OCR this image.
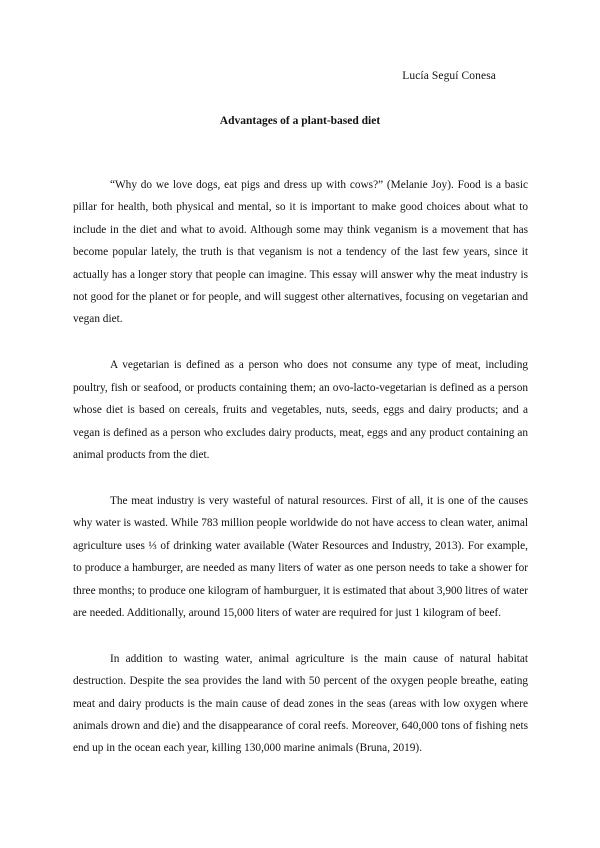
Lucía Seguí Conesa
Advantages of a plant-based diet

“Why do we love dogs, eat pigs and dress up with cows?” (Melanie Joy). Food is a basic pillar for health, both physical and mental, so it is important to make good choices about what to include in the diet and what to avoid. Although some may think veganism is a movement that has become popular lately, the truth is that veganism is not a tendency of the last few years, since it actually has a longer story that people can imagine. This essay will answer why the meat industry is not good for the planet or for people, and will suggest other alternatives, focusing on vegetarian and vegan diet.

A vegetarian is defined as a person who does not consume any type of meat, including poultry, fish or seafood, or products containing them; an ovo-lacto-vegetarian is defined as a person whose diet is based on cereals, fruits and vegetables, nuts, seeds, eggs and dairy products; and a vegan is defined as a person who excludes dairy products, meat, eggs and any product containing an animal products from the diet.

The meat industry is very wasteful of natural resources. First of all, it is one of the causes why water is wasted. While 783 million people worldwide do not have access to clean water, animal agriculture uses ⅓ of drinking water available (Water Resources and Industry, 2013). For example, to produce a hamburger, are needed as many liters of water as one person needs to take a shower for three months; to produce one kilogram of hamburguer, it is estimated that about 3,900 litres of water are needed. Additionally, around 15,000 liters of water are required for just 1 kilogram of beef.

In addition to wasting water, animal agriculture is the main cause of natural habitat destruction. Despite the sea provides the land with 50 percent of the oxygen people breathe, eating meat and dairy products is the main cause of dead zones in the seas (areas with low oxygen where animals drown and die) and the disappearance of coral reefs. Moreover, 640,000 tons of fishing nets end up in the ocean each year, killing 130,000 marine animals (Bruna, 2019).
